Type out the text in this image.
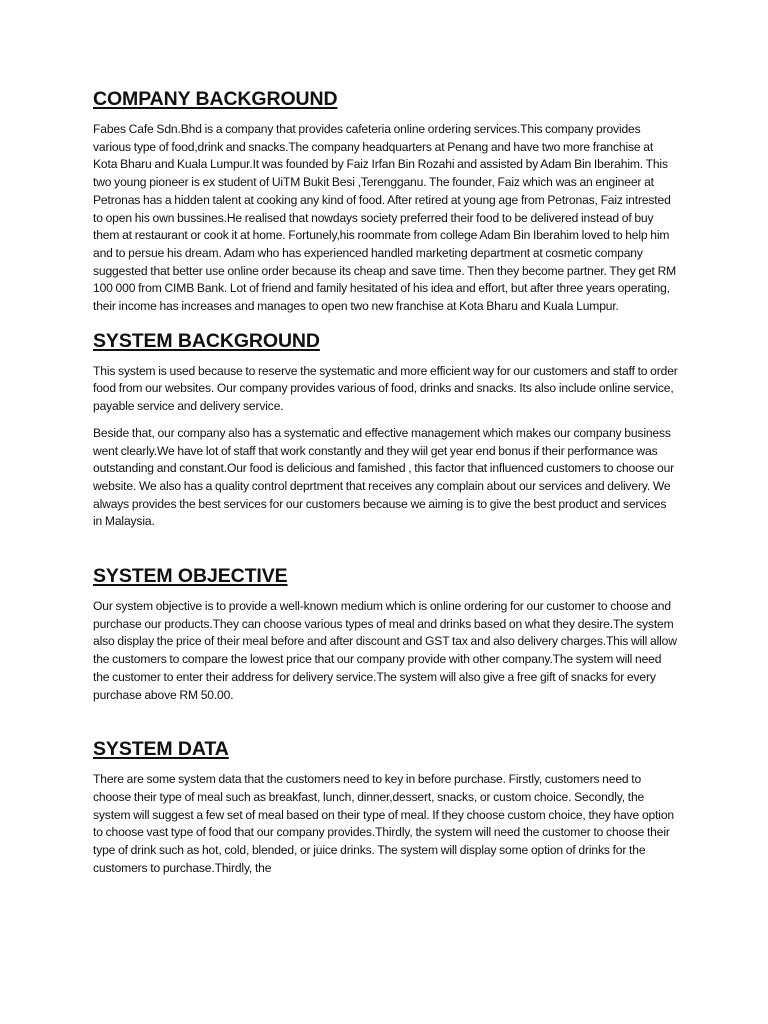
COMPANY BACKGROUND

Fabes Cafe Sdn.Bhd is a company that provides cafeteria online ordering services.This company provides various type of food,drink and snacks.The company headquarters at Penang and have two more franchise at Kota Bharu and Kuala Lumpur.It was founded by Faiz Irfan Bin Rozahi and assisted by Adam Bin Iberahim. This two young pioneer is ex student of UiTM Bukit Besi ,Terengganu. The founder, Faiz which was an engineer at Petronas has a hidden talent at cooking any kind of food. After retired at young age from Petronas, Faiz intrested to open his own bussines.He realised that nowdays society preferred their food to be delivered instead of buy them at restaurant or cook it at home. Fortunely,his roommate from college Adam Bin Iberahim loved to help him and to persue his dream. Adam who has experienced handled marketing department at cosmetic company suggested that better use online order because its cheap and save time. Then they become partner. They get RM 100 000 from CIMB Bank. Lot of friend and family hesitated of his idea and effort, but after three years operating, their income has increases and manages to open two new franchise at Kota Bharu and Kuala Lumpur.

SYSTEM BACKGROUND

This system is used because to reserve the systematic and more efficient way for our customers and staff to order food from our websites. Our company provides various of food, drinks and snacks. Its also include online service, payable service and delivery service.

Beside that, our company also has a systematic and effective management which makes our company business went clearly.We have lot of staff that work constantly and they wiil get year end bonus if their performance was outstanding and constant.Our food is delicious and famished , this factor that influenced customers to choose our website. We also has a quality control deprtment that receives any complain about our services and delivery. We always provides the best services for our customers because we aiming is to give the best product and services in Malaysia.

SYSTEM OBJECTIVE

Our system objective is to provide a well-known medium which is online ordering for our customer to choose and purchase our products.They can choose various types of meal and drinks based on what they desire.The system also display the price of their meal before and after discount and GST tax and also delivery charges.This will allow the customers to compare the lowest price that our company provide with other company.The system will need the customer to enter their address for delivery service.The system will also give a free gift of snacks for every purchase above RM 50.00.

SYSTEM DATA

There are some system data that the customers need to key in before purchase. Firstly, customers need to choose their type of meal such as breakfast, lunch, dinner,dessert, snacks, or custom choice. Secondly, the system will suggest a few set of meal based on their type of meal. If they choose custom choice, they have option to choose vast type of food that our company provides.Thirdly, the system will need the customer to choose their type of drink such as hot, cold, blended, or juice drinks. The system will display some option of drinks for the customers to purchase.Thirdly, the
